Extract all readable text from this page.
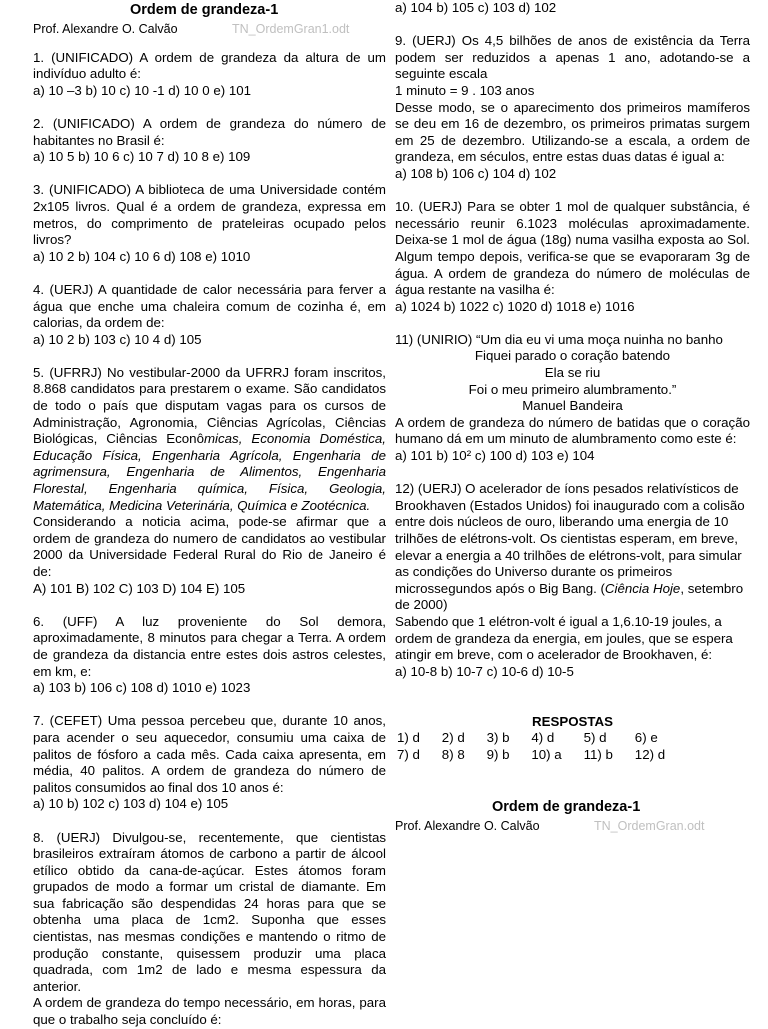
Ordem de grandeza-1
Prof. Alexandre O. Calvão	TN_OrdemGran1.odt

1. (UNIFICADO) A ordem de grandeza da altura de um indivíduo adulto é:

a) 10 –3 b) 10 c) 10 -1 d) 10 0 e) 101

2. (UNIFICADO) A ordem de grandeza do número de habitantes no Brasil é:

a) 10 5 b) 10 6 c) 10 7 d) 10 8 e) 109

3. (UNIFICADO) A biblioteca de uma Universidade contém 2x105 livros. Qual é a ordem de grandeza, expressa em metros, do comprimento de prateleiras ocupado pelos livros?

a) 10 2 b) 104 c) 10 6 d) 108 e) 1010

4. (UERJ) A quantidade de calor necessária para ferver a água que enche uma chaleira comum de cozinha é, em calorias, da ordem de:

a) 10 2 b) 103 c) 10 4 d) 105

5. (UFRRJ) No vestibular-2000 da UFRRJ foram inscritos, 8.868 candidatos para prestarem o exame. São candidatos de todo o país que disputam vagas para os cursos de Administração, Agronomia, Ciências Agrícolas, Ciências Biológicas, Ciências Econômicas, Economia Doméstica, Educação Física, Engenharia Agrícola, Engenharia de agrimensura, Engenharia de Alimentos, Engenharia Florestal, Engenharia química, Física, Geologia, Matemática, Medicina Veterinária, Química e Zootécnica.

Considerando a noticia acima, pode-se afirmar que a ordem de grandeza do numero de candidatos ao vestibular 2000 da Universidade Federal Rural do Rio de Janeiro é de:

A) 101 B) 102 C) 103 D) 104 E) 105

6. (UFF) A luz proveniente do Sol demora, aproximadamente, 8 minutos para chegar a Terra. A ordem de grandeza da distancia entre estes dois astros celestes, em km, e:

a) 103 b) 106 c) 108 d) 1010 e) 1023

7. (CEFET) Uma pessoa percebeu que, durante 10 anos, para acender o seu aquecedor, consumiu uma caixa de palitos de fósforo a cada mês. Cada caixa apresenta, em média, 40 palitos. A ordem de grandeza do número de palitos consumidos ao final dos 10 anos é:

a) 10 b) 102 c) 103 d) 104 e) 105

8. (UERJ) Divulgou-se, recentemente, que cientistas brasileiros extraíram átomos de carbono a partir de álcool etílico obtido da cana-de-açúcar. Estes átomos foram grupados de modo a formar um cristal de diamante. Em sua fabricação são despendidas 24 horas para que se obtenha uma placa de 1cm2. Suponha que esses cientistas, nas mesmas condições e mantendo o ritmo de produção constante, quisessem produzir uma placa quadrada, com 1m2 de lado e mesma espessura da anterior.

A ordem de grandeza do tempo necessário, em horas, para que o trabalho seja concluído é:

a) 104 b) 105 c) 103 d) 102

9. (UERJ) Os 4,5 bilhões de anos de existência da Terra podem ser reduzidos a apenas 1 ano, adotando-se a seguinte escala

1 minuto = 9 . 103 anos

Desse modo, se o aparecimento dos primeiros mamíferos se deu em 16 de dezembro, os primeiros primatas surgem em 25 de dezembro. Utilizando-se a escala, a ordem de grandeza, em séculos, entre estas duas datas é igual a:

a) 108 b) 106 c) 104 d) 102

10. (UERJ) Para se obter 1 mol de qualquer substância, é necessário reunir 6.1023 moléculas aproximadamente. Deixa-se 1 mol de água (18g) numa vasilha exposta ao Sol. Algum tempo depois, verifica-se que se evaporaram 3g de água. A ordem de grandeza do número de moléculas de água restante na vasilha é:

a) 1024 b) 1022 c) 1020 d) 1018 e) 1016

11) (UNIRIO) “Um dia eu vi uma moça nuinha no banho

Fiquei parado o coração batendo

Ela se riu

Foi o meu primeiro alumbramento.”

Manuel Bandeira

A ordem de grandeza do número de batidas que o coração humano dá em um minuto de alumbramento como este é:

a) 101 b) 10² c) 100 d) 103 e) 104

12) (UERJ) O acelerador de íons pesados relativísticos de Brookhaven (Estados Unidos) foi inaugurado com a colisão entre dois núcleos de ouro, liberando uma energia de 10 trilhões de elétrons-volt. Os cientistas esperam, em breve, elevar a energia a 40 trilhões de elétrons-volt, para simular as condições do Universo durante os primeiros microssegundos após o Big Bang. (Ciência Hoje, setembro de 2000)

Sabendo que 1 elétron-volt é igual a 1,6.10-19 joules, a ordem de grandeza da energia, em joules, que se espera atingir em breve, com o acelerador de Brookhaven, é:

a) 10-8 b) 10-7 c) 10-6 d) 10-5

RESPOSTAS

1) d	2) d	3) b	4) d	5) d	6) e
7) d	8) 8	9) b	10) a	11) b	12) d
Ordem de grandeza-1
Prof. Alexandre O. Calvão	TN_OrdemGran.odt
